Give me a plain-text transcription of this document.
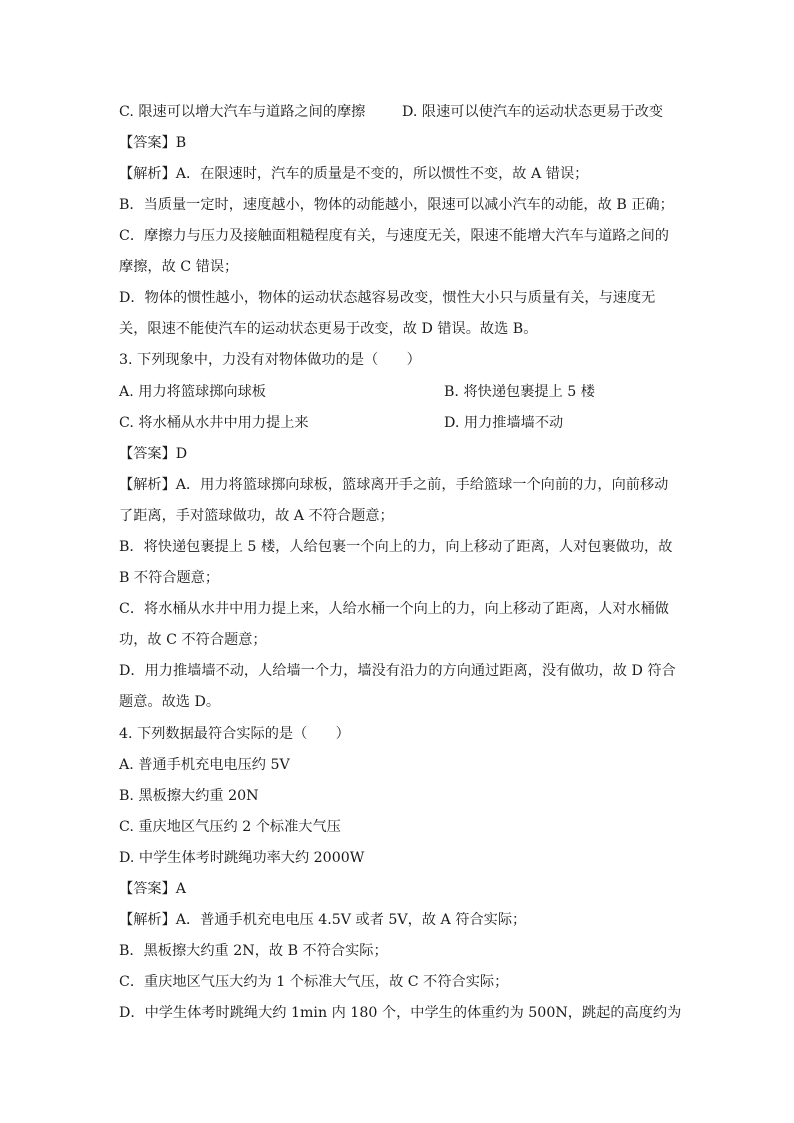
C. 限速可以增大汽车与道路之间的摩擦	D. 限速可以使汽车的运动状态更易于改变
【答案】B
【解析】A．在限速时，汽车的质量是不变的，所以惯性不变，故 A 错误；
B．当质量一定时，速度越小，物体的动能越小，限速可以减小汽车的动能，故 B 正确；
C．摩擦力与压力及接触面粗糙程度有关，与速度无关，限速不能增大汽车与道路之间的
摩擦，故 C 错误；
D．物体的惯性越小，物体的运动状态越容易改变，惯性大小只与质量有关，与速度无
关，限速不能使汽车的运动状态更易于改变，故 D 错误。故选 B。
3. 下列现象中，力没有对物体做功的是（　　）
A. 用力将篮球掷向球板	B. 将快递包裹提上 5 楼
C. 将水桶从水井中用力提上来	D. 用力推墙墙不动
【答案】D
【解析】A．用力将篮球掷向球板，篮球离开手之前，手给篮球一个向前的力，向前移动
了距离，手对篮球做功，故 A 不符合题意；
B．将快递包裹提上 5 楼，人给包裹一个向上的力，向上移动了距离，人对包裹做功，故
B 不符合题意；
C．将水桶从水井中用力提上来，人给水桶一个向上的力，向上移动了距离，人对水桶做
功，故 C 不符合题意；
D．用力推墙墙不动，人给墙一个力，墙没有沿力的方向通过距离，没有做功，故 D 符合
题意。故选 D。
4. 下列数据最符合实际的是（　　）
A. 普通手机充电电压约 5V
B. 黑板擦大约重 20N
C. 重庆地区气压约 2 个标准大气压
D. 中学生体考时跳绳功率大约 2000W
【答案】A
【解析】A．普通手机充电电压 4.5V 或者 5V，故 A 符合实际；
B．黑板擦大约重 2N，故 B 不符合实际；
C．重庆地区气压大约为 1 个标准大气压，故 C 不符合实际；
D．中学生体考时跳绳大约 1min 内 180 个，中学生的体重约为 500N，跳起的高度约为
